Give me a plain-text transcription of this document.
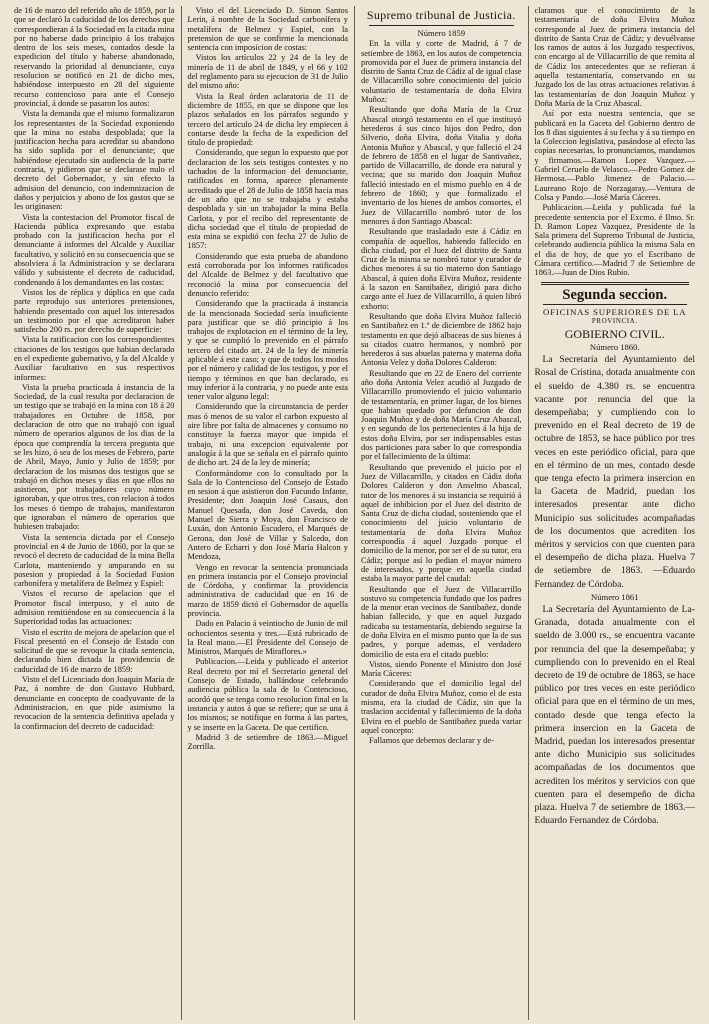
de 16 de marzo del referido año de 1859, por la que se declaró la caducidad de los derechos que correspondieran á la Sociedad en la citada mina por no haberse dado principio á los trabajos dentro de los seis meses, contados desde la expedicion del título y haberse abandonado, reservando la prioridad al denunciante, cuya resolucion se notificó en 21 de dicho mes, habiéndose interpuesto en 28 del siguiente recurso contencioso para ante el Consejo provincial, á donde se pasaron los autos:

Vista la demanda que el mismo formalizaron los representantes de la Sociedad exponiendo que la mina no estaba despoblada; que la justificacion hecha para acreditar su abandono ha sido suplida por el denunciante; que habiéndose ejecutado sin audiencia de la parte contraria, y pidieron que se declarase nulo el decreto del Gobernador, y sin efecto la admision del denuncio, con indemnizacion de daños y perjuicios y abono de los gastos que se les originasen:

Vista la contestacion del Promotor fiscal de Hacienda pública expresando que estaba probado con la justificacion hecha por el denunciante á informes del Alcalde y Auxiliar facultativo, y solicitó en su consecuencia que se absolviera á la Administracion y se declarara válido y subsistente el decreto de caducidad, condenando á los demandantes en las costas:

Vistos los de réplica y dúplica en que cada parte reprodujo sus anteriores pretensiones, habiendo presentado con aquel los interesados un testimonio por el que acreditaron haber satisfecho 200 rs. por derecho de superficie:

Vista la ratificacion con los correspondientes citaciones de los testigos que habian declarado en el expediente gubernativo, y la del Alcalde y Auxiliar facultativo en sus respectivos informes:

Vista la prueba practicada á instancia de la Sociedad, de la cual resulta por declaracion de un testigo que se trabajó en la mina con 18 á 20 trabajadores en Octubre de 1858, por declaracion de otro que no trabajó con igual número de operarios algunos de los dias de la época que comprendía la tercera pregunta que se les hizo, ó sea de los meses de Febrero, parte de Abril, Mayo, Junio y Julio de 1859; por declaracion de los mismos dos testigos que se trabajó en dichos meses y dias en que ellos no asistieron, por trabajadores cuyo número ignoraban, y que otros tres, con relacion á todos los meses ó tiempo de trabajos, manifestaron que ignoraban el número de operarios que hubiesen trabajado:

Vista la sentencia dictada por el Consejo provincial en 4 de Junio de 1860, por la que se revocó el decreto de caducidad de la mina Bella Carlota, manteniendo y amparando en su posesion y propiedad á la Sociedad Fusion carbonífera y metalífera de Belmez y Espiel:

Vistos el recurso de apelacion que el Promotor fiscal interpuso, y el auto de admision remitiéndose en su consecuencia á la Superioridad todas las actuaciones:

Visto el escrito de mejora de apelacion que el Fiscal presentó en el Consejo de Estado con solicitud de que se revoque la citada sentencia, declarando bien dictada la providencia de caducidad de 16 de marzo de 1859:

Visto el del Licenciado don Joaquin María de Paz, á nombre de don Gustavo Hubbard, denunciante en concepto de coadyuvante de la Administracion, en que pide asimismo la revocacion de la sentencia definitiva apelada y la confirmacion del decreto de caducidad:

Visto el del Licenciado D. Simon Santos Lerin, á nombre de la Sociedad carbonífera y metalífera de Belmez y Espiel, con la pretension de que se confirme la mencionada sentencia con imposicion de costas:

Vistos los artículos 22 y 24 de la ley de minería de 11 de abril de 1849, y el 66 y 102 del reglamento para su ejecucion de 31 de Julio del mismo año:

Vista la Real órden aclaratoria de 11 de diciembre de 1855, en que se dispone que los plazos señalados en los párrafos segundo y tercero del artículo 24 de dicha ley empiecen á contarse desde la fecha de la expedicion del título de propiedad:

Considerando, que segun lo expuesto que por declaracion de los seis testigos contestes y no tachados de la informacion del denunciante, ratificados en forma, aparece plenamente acreditado que el 28 de Julio de 1858 hacia mas de un año que no se trabajaba y estaba despoblada y sin un trabajador la mina Bella Carlota, y por el recibo del representante de dicha sociedad que el título de propiedad de esta mina se expidió con fecha 27 de Julio de 1857:

Considerando que esta prueba de abandono está corroborada por los informes ratificados del Alcalde de Belmez y del facultativo que reconoció la mina por consecuencia del denuncio referido:

Considerando que la practicada á instancia de la mencionada Sociedad sería insuficiente para justificar que se dió principio á los trabajos de explotacion en el término de la ley, y que se cumplió lo prevenido en el párrafo tercero del citado art. 24 de la ley de minería aplicable á este caso; y que de todos los modos por el número y calidad de los testigos, y por el tiempo y términos en que han declarado, es muy inferior á la contraria, y no puede ante esta tener valor alguno legal:

Considerando que la circunstancia de perder mas ó menos de su valor el carbon expuesto al aire libre por falta de almacenes y consumo no constituye la fuerza mayor que impida el trabajo, ni una excepcion equivalente por analogía á la que se señala en el párrafo quinto de dicho art. 24 de la ley de minería;

Conformándome con lo consultado por la Sala de lo Contencioso del Consejo de Estado en sesion á que asistieron don Facundo Infante, Presidente; don Joaquin José Casaus, don Manuel Quesada, don José Caveda, don Manuel de Sierra y Moya, don Francisco de Luxán, don Antonio Escudero, el Marqués de Gerona, don José de Villar y Salcedo, don Antero de Echarri y don José María Halcon y Mendoza,

Vengo en revocar la sentencia pronunciada en primera instancia por el Consejo provincial de Córdoba, y confirmar la providencia administrativa de caducidad que en 16 de marzo de 1859 dictó el Gobernador de aquella provincia.

Dado en Palacio á veintiocho de Junio de mil ochocientos sesenta y tres.—Está rubricado de la Real mano.—El Presidente del Consejo de Ministros, Marqués de Miraflores.»

Publicacion.—Leida y publicado el anterior Real decreto por mí el Secretario general del Consejo de Estado, hallándose celebrando audiencia pública la sala de lo Contencioso, acordó que se tenga como resolucion final en la instancia y autos á que se refiere; que se una á los mismos; se notifique en forma á las partes, y se inserte en la Gaceta. De que certifico.

Madrid 3 de setiembre de 1863.—Miguel Zorrilla.

Supremo tribunal de Justicia.
Número 1859

En la villa y corte de Madrid, á 7 de setiembre de 1863, en los autos de competencia promovida por el Juez de primera instancia del distrito de Santa Cruz de Cádiz al de igual clase de Villacarrillo sobre conocimiento del juicio voluntario de testamentaría de doña Elvira Muñoz:

Resultando que doña María de la Cruz Abascal otorgó testamento en el que instituyó herederos á sus cinco hijos don Pedro, don Silverio, doña Elvira, doña Vitalia y doña Antonia Muñoz y Abascal, y que falleció el 24 de febrero de 1858 en el lugar de Santivañez, partido de Villacarrillo, de donde era natural y vecina; que su marido don Joaquin Muñoz falleció intestado en el mismo pueblo en 4 de febrero de 1860; y que formalizado el inventario de los bienes de ambos consortes, el Juez de Villacarrillo nombró tutor de los menores á don Santiago Abascal:

Resultando que trasladado este á Cádiz en compañía de aquellos, habiendo fallecido en dicha ciudad, por el Juez del distrito de Santa Cruz de la misma se nombró tutor y curador de dichos menores á su tio materno don Santiago Abascal, á quien doña Elvira Muñoz, residente á la sazon en Santibañez, dirigió para dicho cargo ante el Juez de Villacarrillo, á quien libró exhorto:

Resultando que doña Elvira Muñoz falleció en Santibañez en 1.º de diciembre de 1862 bajo testamento en que dejó albaceas de sus bienes á su citados cuatro hermanos, y nombró por herederos á sus abuelas paterna y materna doña Antonia Velez y doña Dolores Calderon:

Resultando que en 22 de Enero del corriente año doña Antonia Velez acudió al Juzgado de Villacarrillo promoviendo el juicio voluntario de testamentaría, en primer lugar, de los bienes que habian quedado por defuncion de don Joaquin Muñoz y de doña María Cruz Abascal, y en segundo de los pertenecientes á la hija de estos doña Elvira, por ser indispensables estas dos particiones para saber lo que correspondia por el fallecimiento de la última:

Resultando que prevenido el juicio por el Juez de Villacarrillo, y citados en Cádiz doña Dolores Calderon y don Anselmo Abascal, tutor de los menores á su instancia se requirió á aquel de inhibicion por el Juez del distrito de Santa Cruz de dicha ciudad, sosteniendo que el conocimiento del juicio voluntario de testamentaría de doña Elvira Muñoz correspondía á aquel Juzgado porque el domicilio de la menor, por ser el de su tutor, era Cádiz; porque así lo pedian el mayor número de interesados, y porque en aquella ciudad estaba la mayor parte del caudal:

Resultando que el Juez de Villacarrillo sostuvo su competencia fundado que los padres de la menor eran vecinos de Santibañez, donde habian fallecido, y que en aquel Juzgado radicaba su testamentaría, debiendo seguirse la de doña Elvira en el mismo punto que la de sus padres, y porque ademas, el verdadero domicilio de esta era el citado pueblo:

Vistos, siendo Ponente el Ministro don José María Cáceres:

Considerando que el domicilio legal del curador de doña Elvira Muñoz, como el de esta misma, era la ciudad de Cádiz, sin que la traslacion accidental y fallecimiento de la doña Elvira en el pueblo de Santibañez pueda variar aquel concepto:

Fallamos que debemos declarar y de-

claramos que el conocimiento de la testamentaría de doña Elvira Muñoz corresponde al Juez de primera instancia del distrito de Santa Cruz de Cádiz; y devuélvanse los ramos de autos á los Juzgado respectivos, con encargo al de Villacarrillo de que remita al de Cádiz los antecedentes que se refieran á aquella testamentaría, conservando en su Juzgado los de las otras actuaciones relativas á las testamentarías de don Joaquin Muñoz y Doña María de la Cruz Abascal.

Así por esta nuestra sentencia, que se publicará en la Gaceta del Gobierno dentro de los 8 dias siguientes á su fecha y á su tiempo en la Coleccion legislativa, pasándose al efecto las copias necesarias, lo pronunciamos, mandamos y firmamos.—Ramon Lopez Vazquez.—Gabriel Ceruelo de Velasco.—Pedro Gomez de Hermosa.—Pablo Jimenez de Palacio.—Laureano Rojo de Norzagaray.—Ventura de Colsa y Pando.—José María Cáceres.

Publicacion.—Leida y publicada fué la precedente sentencia por el Excmo. é Ilmo. Sr. D. Ramon Lopez Vazquez, Presidente de la Sala primera del Supremo Tribunal de Justicia, celebrando audiencia pública la misma Sala en el dia de hoy, de que yo el Escribano de Cámara certifico.—Madrid 7 de Setiembre de 1863.—Juan de Dios Rubio.

Segunda seccion.
OFICINAS SUPERIORES DE LA
PROVINCIA.
GOBIERNO CIVIL.
Número 1860.

La Secretaría del Ayuntamiento del Rosal de Cristina, dotada anualmente con el sueldo de 4.380 rs. se encuentra vacante por renuncia del que la desempeñaba; y cumpliendo con lo prevenido en el Real decreto de 19 de octubre de 1853, se hace público por tres veces en este periódico oficial, para que en el término de un mes, contado desde que tenga efecto la primera insercion en la Gaceta de Madrid, puedan los interesados presentar ante dicho Municipio sus solicitudes acompañadas de los documentos que acrediten los méritos y servicios con que cuenten para el desempeño de dicha plaza. Huelva 7 de setiembre de 1863. —Eduardo Fernandez de Córdoba.

Número 1861

La Secretaría del Ayuntamiento de La-Granada, dotada anualmente con el sueldo de 3.000 rs., se encuentra vacante por renuncia del que la desempeñaba; y cumpliendo con lo prevenido en el Real decreto de 19 de octubre de 1863, se hace público por tres veces en este periódico oficial para que en el término de un mes, contado desde que tenga efecto la primera insercion en la Gaceta de Madrid, puedan los interesados presentar ante dicho Municipio sus solicitudes acompañadas de los documentos que acrediten los méritos y servicios con que cuenten para el desempeño de dicha plaza. Huelva 7 de setiembre de 1863.—Eduardo Fernandez de Córdoba.
